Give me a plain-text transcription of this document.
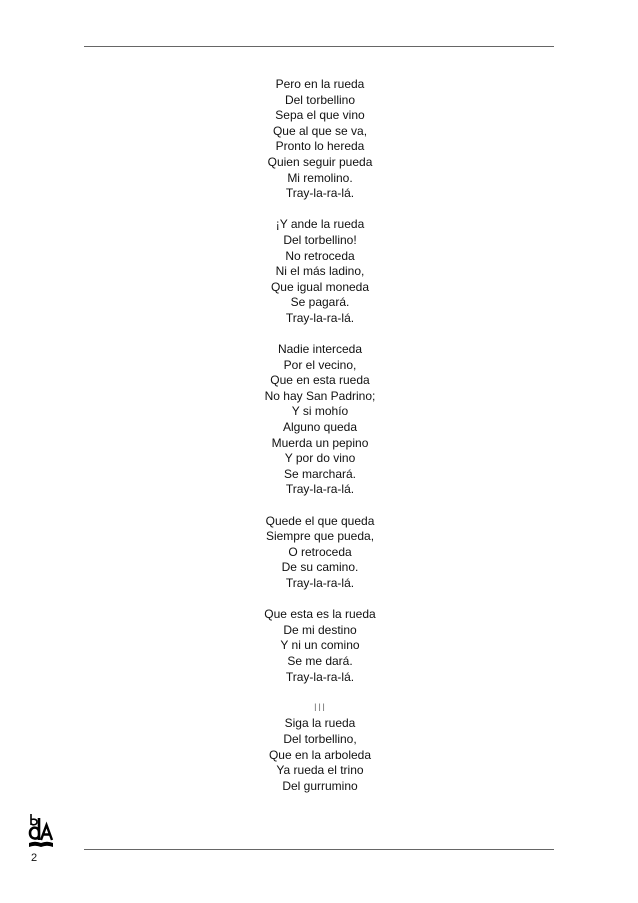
Pero en la rueda
Del torbellino
Sepa el que vino
Que al que se va,
Pronto lo hereda
Quien seguir pueda
Mi remolino.
Tray-la-ra-lá.
¡Y ande la rueda
Del torbellino!
No retroceda
Ni el más ladino,
Que igual moneda
Se pagará.
Tray-la-ra-lá.
Nadie interceda
Por el vecino,
Que en esta rueda
No hay San Padrino;
Y si mohío
Alguno queda
Muerda un pepino
Y por do vino
Se marchará.
Tray-la-ra-lá.
Quede el que queda
Siempre que pueda,
O retroceda
De su camino.
Tray-la-ra-lá.
Que esta es la rueda
De mi destino
Y ni un comino
Se me dará.
Tray-la-ra-lá.
III
Siga la rueda
Del torbellino,
Que en la arboleda
Ya rueda el trino
Del gurrumino
2
